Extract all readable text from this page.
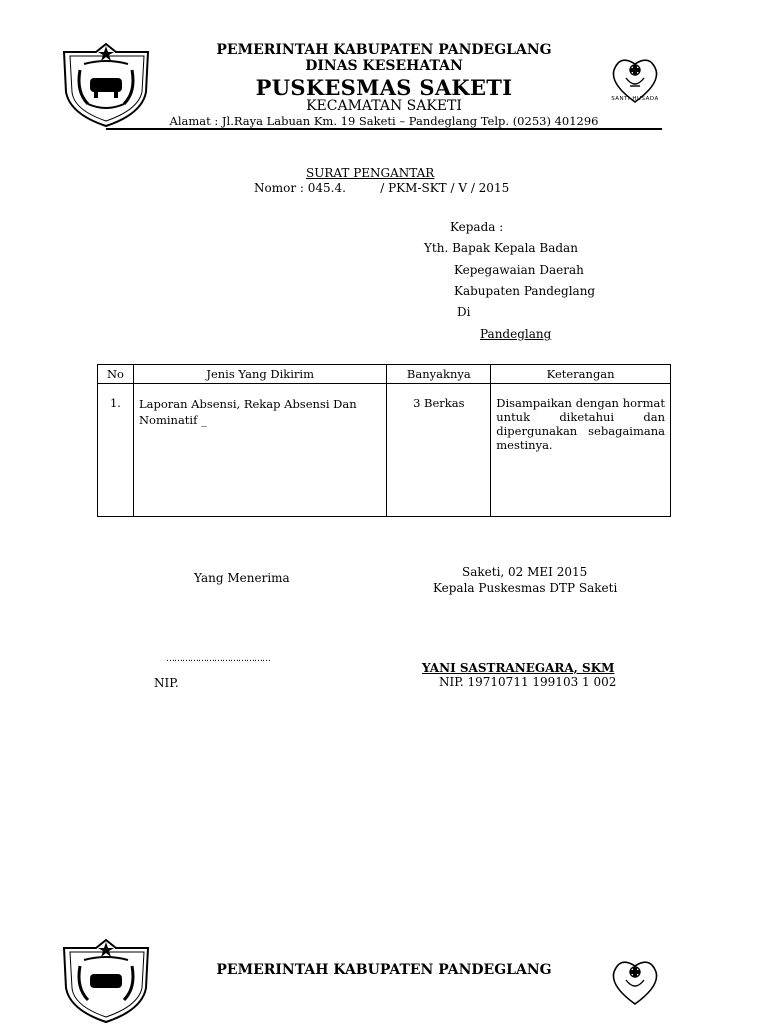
PEMERINTAH KABUPATEN PANDEGLANG
DINAS KESEHATAN
PUSKESMAS SAKETI
KECAMATAN SAKETI
Alamat : Jl.Raya Labuan Km. 19 Saketi – Pandeglang Telp. (0253) 401296
SANTI HUSADA
SURAT PENGANTAR
Nomor : 045.4.         / PKM-SKT / V / 2015
Kepada :
Yth. Bapak Kepala Badan
Kepegawaian Daerah
Kabupaten Pandeglang
Di
Pandeglang
No	Jenis Yang Dikirim	Banyaknya	Keterangan
1.	Laporan Absensi, Rekap Absensi Dan Nominatif _	3 Berkas	Disampaikan dengan hormat untuk diketahui dan dipergunakan sebagaimana mestinya.
Yang Menerima	Saketi, 02 MEI 2015
Kepala Puskesmas DTP Saketi
…………………………………
NIP.
YANI SASTRANEGARA, SKM
NIP. 19710711 199103 1 002
PEMERINTAH KABUPATEN PANDEGLANG
